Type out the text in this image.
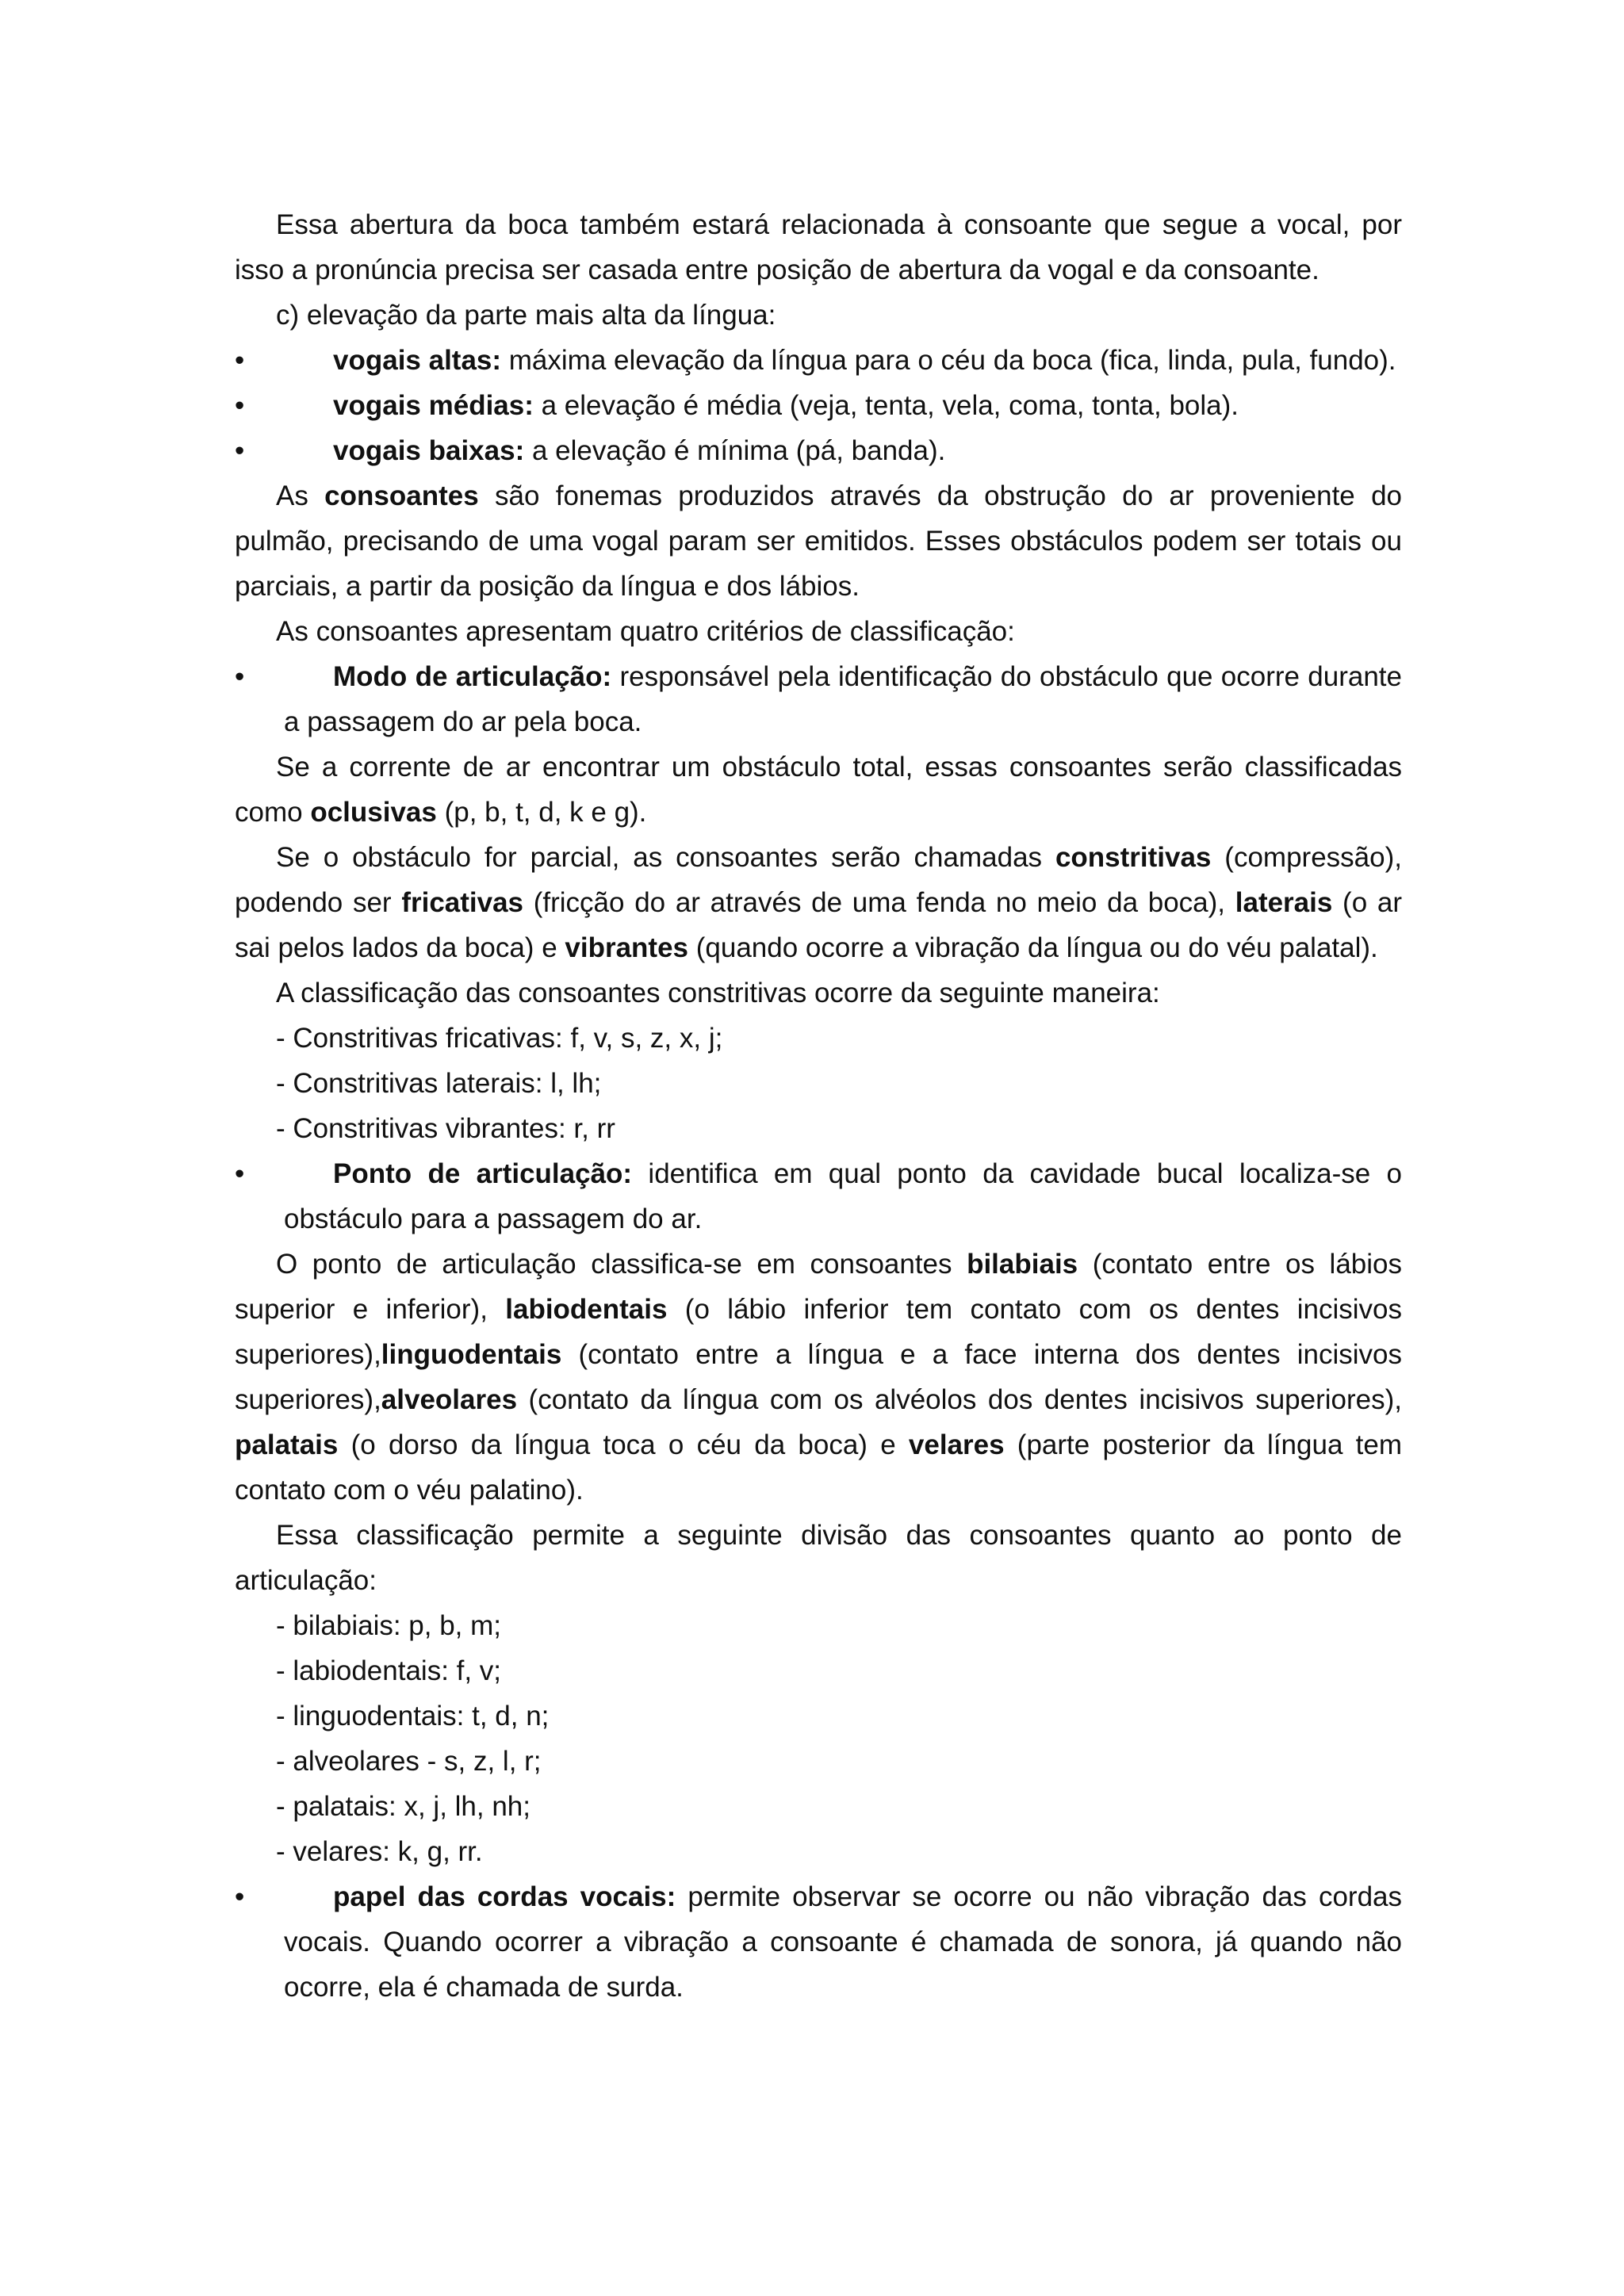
Essa abertura da boca também estará relacionada à consoante que segue a vocal, por isso a pronúncia precisa ser casada entre posição de abertura da vogal e da consoante.

c) elevação da parte mais alta da língua:

•	vogais altas: máxima elevação da língua para o céu da boca (fica, linda, pula, fundo).

•	vogais médias: a elevação é média (veja, tenta, vela, coma, tonta, bola).

•	vogais baixas: a elevação é mínima (pá, banda).

As consoantes são fonemas produzidos através da obstrução do ar proveniente do pulmão, precisando de uma vogal param ser emitidos. Esses obstáculos podem ser totais ou parciais, a partir da posição da língua e dos lábios.

As consoantes apresentam quatro critérios de classificação:

•	Modo de articulação: responsável pela identificação do obstáculo que ocorre durante a passagem do ar pela boca.

Se a corrente de ar encontrar um obstáculo total, essas consoantes serão classificadas como oclusivas (p, b, t, d, k e g).

Se o obstáculo for parcial, as consoantes serão chamadas constritivas (compressão), podendo ser fricativas (fricção do ar através de uma fenda no meio da boca), laterais (o ar sai pelos lados da boca) e vibrantes (quando ocorre a vibração da língua ou do véu palatal).

A classificação das consoantes constritivas ocorre da seguinte maneira:

- Constritivas fricativas: f, v, s, z, x, j;

- Constritivas laterais: l, lh;

- Constritivas vibrantes: r, rr

•	Ponto de articulação: identifica em qual ponto da cavidade bucal localiza-se o obstáculo para a passagem do ar.

O ponto de articulação classifica-se em consoantes bilabiais (contato entre os lábios superior e inferior), labiodentais (o lábio inferior tem contato com os dentes incisivos superiores),linguodentais (contato entre a língua e a face interna dos dentes incisivos superiores),alveolares (contato da língua com os alvéolos dos dentes incisivos superiores), palatais (o dorso da língua toca o céu da boca) e velares (parte posterior da língua tem contato com o véu palatino).

Essa classificação permite a seguinte divisão das consoantes quanto ao ponto de articulação:

- bilabiais: p, b, m;

- labiodentais: f, v;

- linguodentais: t, d, n;

- alveolares - s, z, l, r;

- palatais: x, j, lh, nh;

- velares: k, g, rr.

•	papel das cordas vocais: permite observar se ocorre ou não vibração das cordas vocais. Quando ocorrer a vibração a consoante é chamada de sonora, já quando não ocorre, ela é chamada de surda.
